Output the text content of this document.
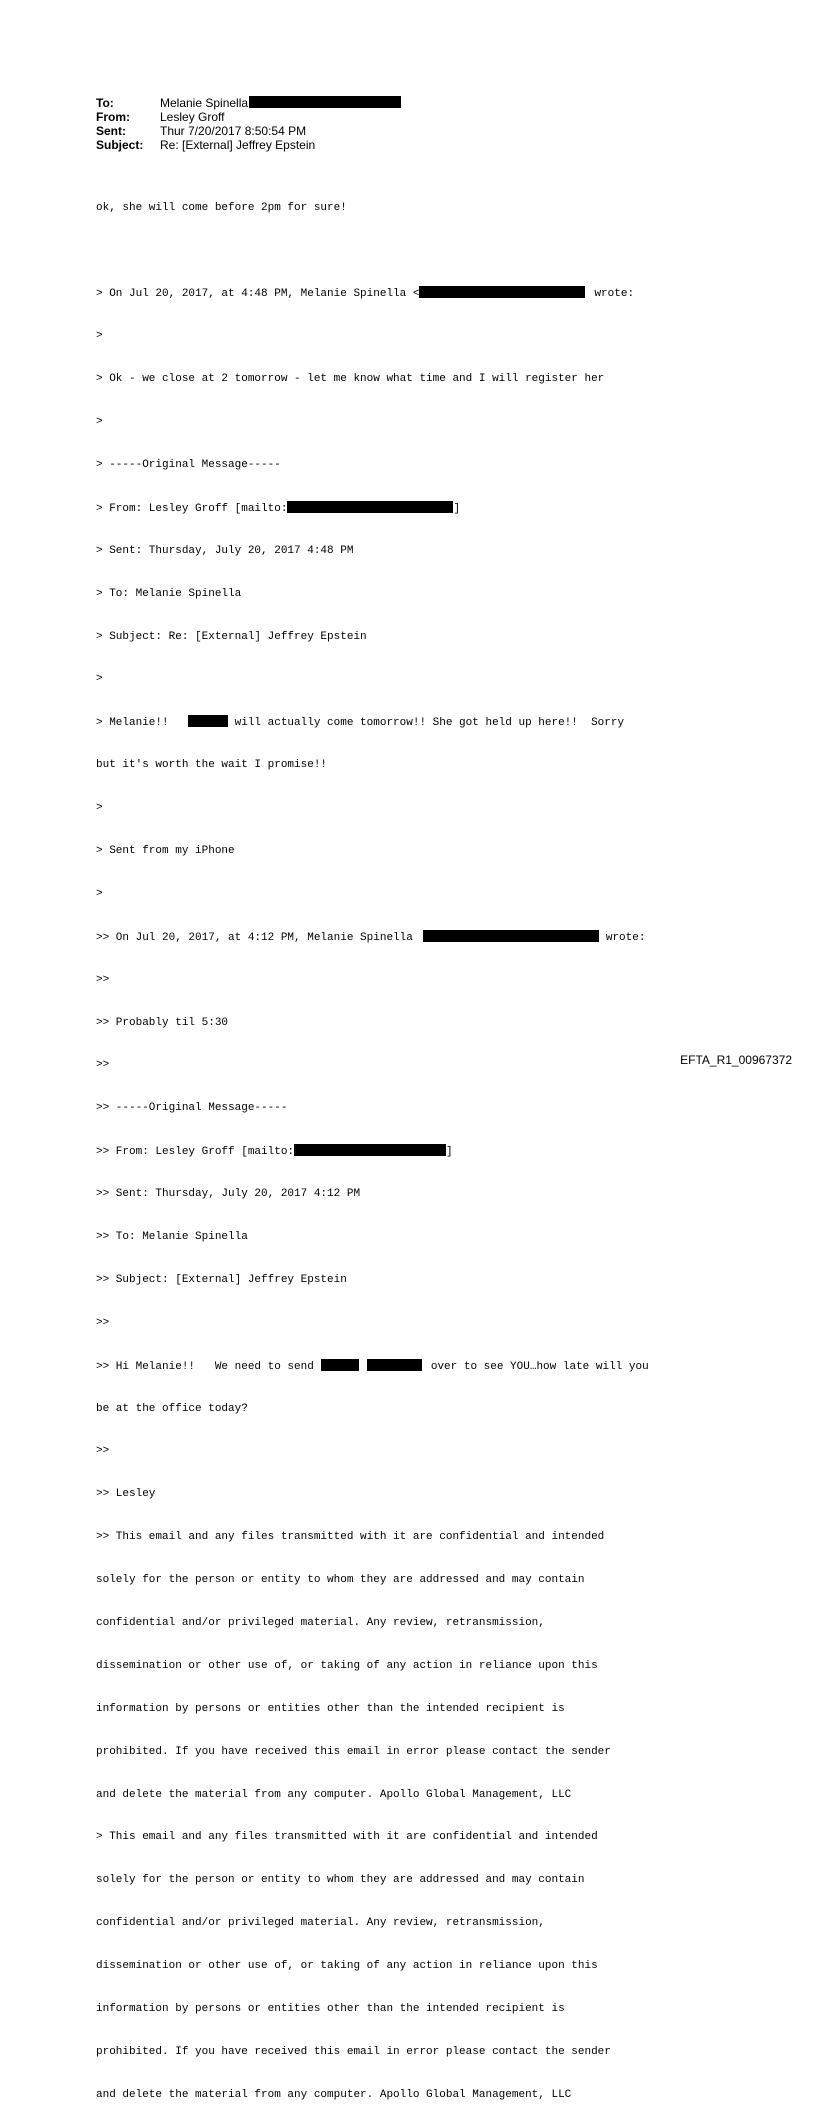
To:	Melanie Spinella
From:	Lesley Groff
Sent:	Thur 7/20/2017 8:50:54 PM
Subject:	Re: [External] Jeffrey Epstein

ok, she will come before 2pm for sure!

> On Jul 20, 2017, at 4:48 PM, Melanie Spinella <	wrote:

>

> Ok - we close at 2 tomorrow - let me know what time and I will register her

>

> -----Original Message-----

> From: Lesley Groff [mailto:	]

> Sent: Thursday, July 20, 2017 4:48 PM

> To: Melanie Spinella

> Subject: Re: [External] Jeffrey Epstein

>

> Melanie!!	will actually come tomorrow!! She got held up here!!  Sorry

but it's worth the wait I promise!!

>

> Sent from my iPhone

>

>> On Jul 20, 2017, at 4:12 PM, Melanie Spinella	wrote:

>>

>> Probably til 5:30

>>

>> -----Original Message-----

>> From: Lesley Groff [mailto:	]

>> Sent: Thursday, July 20, 2017 4:12 PM

>> To: Melanie Spinella

>> Subject: [External] Jeffrey Epstein

>>

>> Hi Melanie!!   We need to send	over to see YOU…how late will you

be at the office today?

>>

>> Lesley

>> This email and any files transmitted with it are confidential and intended

solely for the person or entity to whom they are addressed and may contain

confidential and/or privileged material. Any review, retransmission,

dissemination or other use of, or taking of any action in reliance upon this

information by persons or entities other than the intended recipient is

prohibited. If you have received this email in error please contact the sender

and delete the material from any computer. Apollo Global Management, LLC

> This email and any files transmitted with it are confidential and intended

solely for the person or entity to whom they are addressed and may contain

confidential and/or privileged material. Any review, retransmission,

dissemination or other use of, or taking of any action in reliance upon this

information by persons or entities other than the intended recipient is

prohibited. If you have received this email in error please contact the sender

and delete the material from any computer. Apollo Global Management, LLC

EFTA_R1_00967372
